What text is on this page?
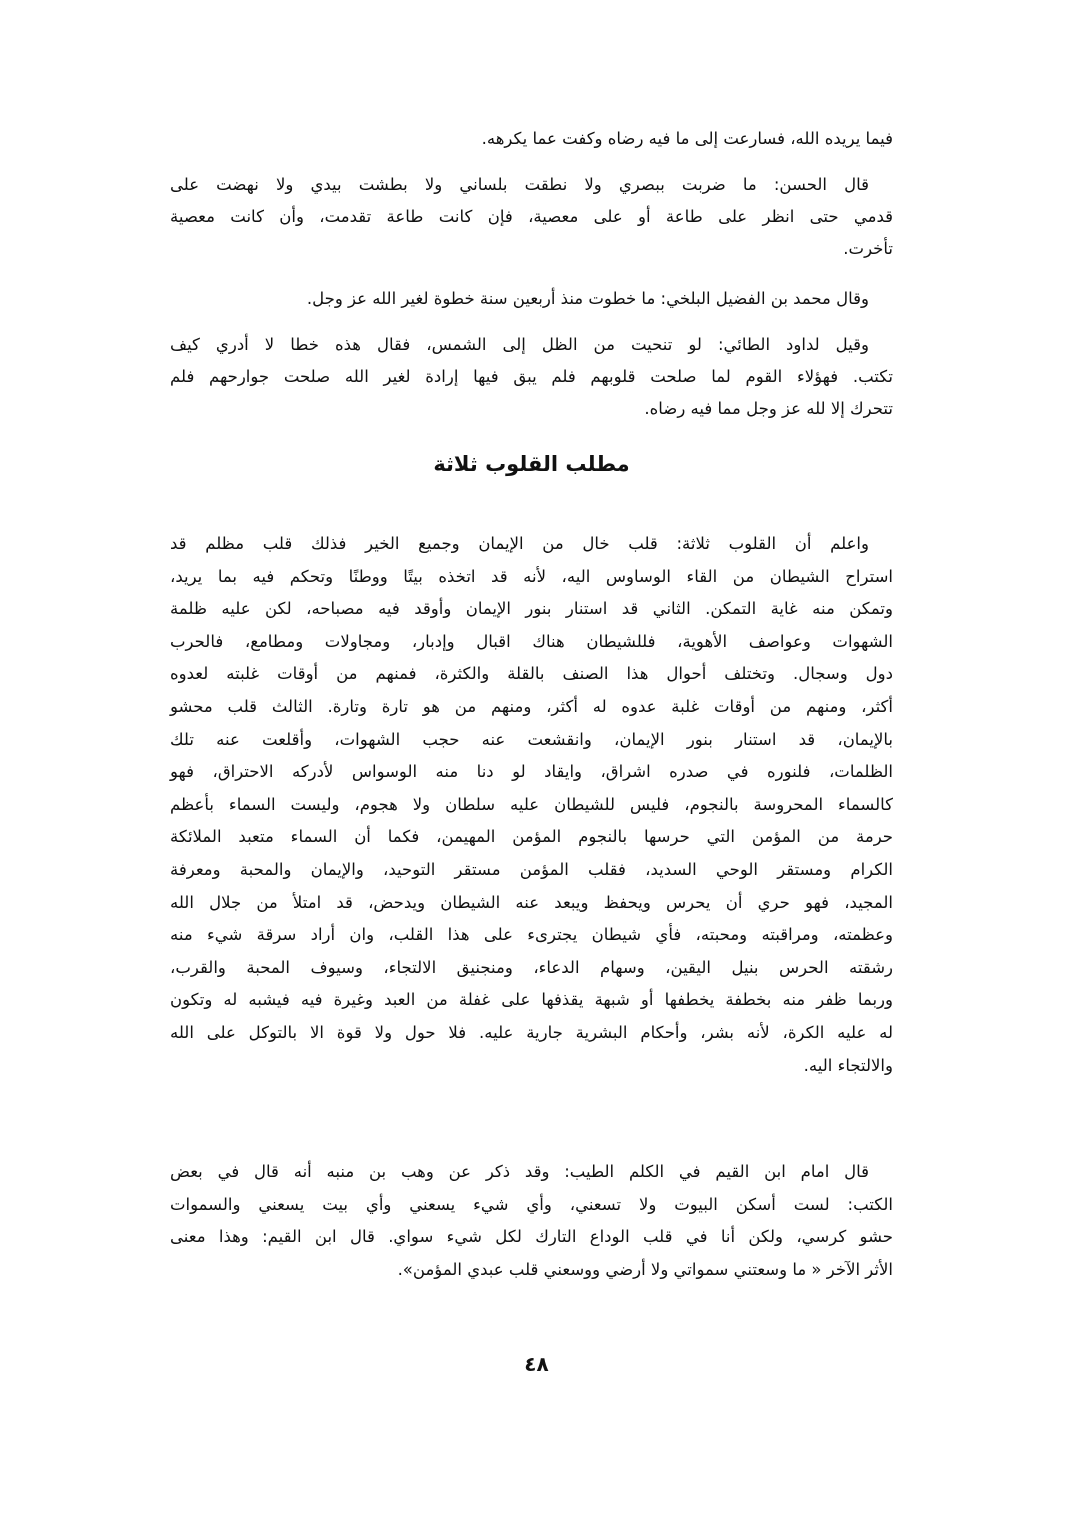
فيما يريده الله، فسارعت إلى ما فيه رضاه وكفت عما يكرهه.
قال الحسن: ما ضربت ببصري ولا نطقت بلساني ولا بطشت بيدي ولا نهضت على
قدمي حتى انظر على طاعة أو على معصية، فإن كانت طاعة تقدمت، وأن كانت معصية
تأخرت.
وقال محمد بن الفضيل البلخي: ما خطوت منذ أربعين سنة خطوة لغير الله عز وجل.
وقيل لداود الطائي: لو تنحيت من الظل إلى الشمس، فقال هذه خطا لا أدري كيف
تكتب. فهؤلاء القوم لما صلحت قلوبهم فلم يبق فيها إرادة لغير الله صلحت جوارحهم فلم
تتحرك إلا لله عز وجل مما فيه رضاه.
مطلب القلوب ثلاثة
واعلم أن القلوب ثلاثة: قلب خال من الإيمان وجميع الخير فذلك قلب مظلم قد
استراح الشيطان من القاء الوساوس اليه، لأنه قد اتخذه بيتًا ووطنًا وتحكم فيه بما يريد،
وتمكن منه غاية التمكن. الثاني قد استنار بنور الإيمان وأوقد فيه مصباحه، لكن عليه ظلمة
الشهوات وعواصف الأهوية، فللشيطان هناك اقبال وإدبار، ومجاولات ومطامع، فالحرب
دول وسجال. وتختلف أحوال هذا الصنف بالقلة والكثرة، فمنهم من أوقات غلبته لعدوه
أكثر، ومنهم من أوقات غلبة عدوه له أكثر، ومنهم من هو تارة وتارة. الثالث قلب محشو
بالإيمان، قد استنار بنور الإيمان، وانقشعت عنه حجب الشهوات، وأقلعت عنه تلك
الظلمات، فلنوره في صدره اشراق، وايقاد لو دنا منه الوسواس لأدركه الاحتراق، فهو
كالسماء المحروسة بالنجوم، فليس للشيطان عليه سلطان ولا هجوم، وليست السماء بأعظم
حرمة من المؤمن التي حرسها بالنجوم المؤمن المهيمن، فكما أن السماء متعبد الملائكة
الكرام ومستقر الوحي السديد، فقلب المؤمن مستقر التوحيد، والإيمان والمحبة ومعرفة
المجيد، فهو حري أن يحرس ويحفظ ويبعد عنه الشيطان ويدحض، قد امتلأ من جلال الله
وعظمته، ومراقبته ومحبته، فأي شيطان يجترىء على هذا القلب، وان أراد سرقة شيء منه
رشقته الحرس بنيل اليقين، وسهام الدعاء، ومنجنيق الالتجاء، وسيوف المحبة والقرب،
وربما ظفر منه بخطفة يخطفها أو شبهة يقذفها على غفلة من العبد وغيرة فيه فيشبه له وتكون
له عليه الكرة، لأنه بشر، وأحكام البشرية جارية عليه. فلا حول ولا قوة الا بالتوكل على الله
والالتجاء اليه.
قال امام ابن القيم في الكلم الطيب: وقد ذكر عن وهب بن منبه أنه قال في بعض
الكتب: لست أسكن البيوت ولا تسعني، وأي شيء يسعني وأي بيت يسعني والسموات
حشو كرسي، ولكن أنا في قلب الوداع التارك لكل شيء سواي. قال ابن القيم: وهذا معنى
الأثر الآخر « ما وسعتني سمواتي ولا أرضي ووسعني قلب عبدي المؤمن».
٤٨
